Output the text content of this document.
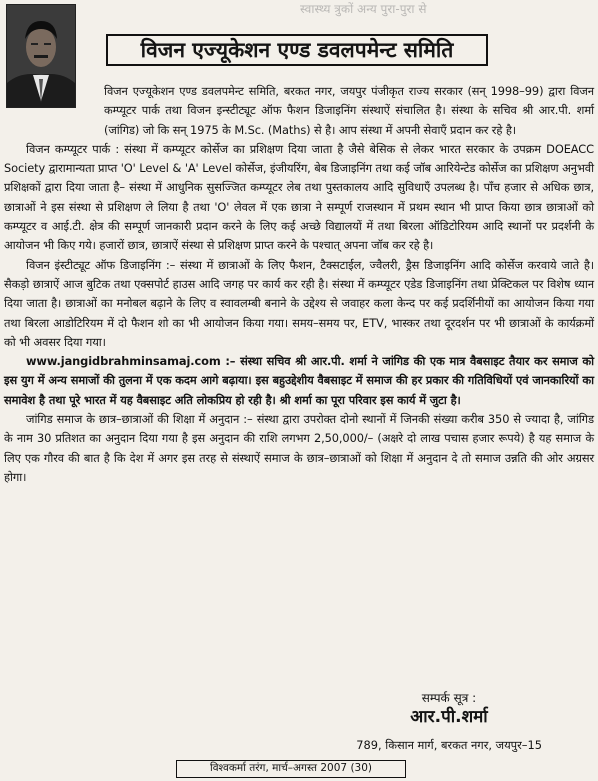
स्वास्थ्य त्रुकों अन्य पुरा-पुरा से
विजन एज्यूकेशन एण्ड डवलपमेन्ट समिति

विजन एज्यूकेशन एण्ड डवलपमेन्ट समिति, बरकत नगर, जयपुर पंजीकृत राज्य सरकार (सन् 1998–99) द्वारा विजन कम्प्यूटर पार्क तथा विजन इन्स्टीट्यूट ऑफ फैशन डिजाइनिंग संस्थाऐं संचालित है। संस्था के सचिव श्री आर.पी. शर्मा (जांगिड) जो कि सन् 1975 के M.Sc. (Maths) से है। आप संस्था में अपनी सेवाएँ प्रदान कर रहे है।

विजन कम्प्यूटर पार्क : संस्था में कम्प्यूटर कोर्सेज का प्रशिक्षण दिया जाता है जैसे बेसिक से लेकर भारत सरकार के उपक्रम DOEACC Society द्वारामान्यता प्राप्त 'O' Level & 'A' Level कोर्सेज, इंजीयरिंग, बेब डिजाइनिंग तथा कई जॉब आरियेन्टेड कोर्सेज का प्रशिक्षण अनुभवी प्रशिक्षकों द्वारा दिया जाता है– संस्था में आधुनिक सुसज्जित कम्प्यूटर लेब तथा पुस्तकालय आदि सुविधाएँ उपलब्ध है। पाँच हजार से अधिक छात्र, छात्राओं ने इस संस्था से प्रशिक्षण ले लिया है तथा 'O' लेवल में एक छात्रा ने सम्पूर्ण राजस्थान में प्रथम स्थान भी प्राप्त किया छात्र छात्राओं को कम्प्यूटर व आई.टी. क्षेत्र की सम्पूर्ण जानकारी प्रदान करने के लिए कई अच्छे विद्यालयों में तथा बिरला ऑडिटोरियम आदि स्थानों पर प्रदर्शनी के आयोजन भी किए गये। हजारों छात्र, छात्राऐं संस्था से प्रशिक्षण प्राप्त करने के पश्चात् अपना जॉब कर रहे है।

विजन इंस्टीट्यूट ऑफ डिजाइनिंग :– संस्था में छात्राओं के लिए फैशन, टैक्सटाईल, ज्वैलरी, ड्रैस डिजाइनिंग आदि कोर्सेज करवाये जाते है। सैकड़ो छात्राऐं आज बुटिक तथा एक्सपोर्ट हाउस आदि जगह पर कार्य कर रही है। संस्था में कम्प्यूटर एडेड डिजाइनिंग तथा प्रेक्टिकल पर विशेष ध्यान दिया जाता है। छात्राओं का मनोबल बढ़ाने के लिए व स्वावलम्बी बनाने के उद्देश्य से जवाहर कला केन्द पर कई प्रदर्शिनीयों का आयोजन किया गया तथा बिरला आडोटिरियम में दो फैशन शो का भी आयोजन किया गया। समय–समय पर, ETV, भास्कर तथा दूरदर्शन पर भी छात्राओं के कार्यक्रमों को भी अवसर दिया गया।

www.jangidbrahminsamaj.com :– संस्था सचिव श्री आर.पी. शर्मा ने जांगिड की एक मात्र वैबसाइट तैयार कर समाज को इस युग में अन्य समाजों की तुलना में एक कदम आगे बढ़ाया। इस बहुउद्देशीय वैबसाइट में समाज की हर प्रकार की गतिविधियों एवं जानकारियों का समावेश है तथा पूरे भारत में यह वैबसाइट अति लोकप्रिय हो रही है। श्री शर्मा का पूरा परिवार इस कार्य में जुटा है।

जांगिड समाज के छात्र–छात्राओं की शिक्षा में अनुदान :– संस्था द्वारा उपरोक्त दोनो स्थानों में जिनकी संख्या करीब 350 से ज्यादा है, जांगिड के नाम 30 प्रतिशत का अनुदान दिया गया है इस अनुदान की राशि लगभग 2,50,000/– (अक्षरे दो लाख पचास हजार रूपये) है यह समाज के लिए एक गौरव की बात है कि देश में अगर इस तरह से संस्थाऐं समाज के छात्र–छात्राओं को शिक्षा में अनुदान दे तो समाज उन्नति की ओर अग्रसर होगा।

सम्पर्क सूत्र :
आर.पी.शर्मा
789, किसान मार्ग, बरकत नगर, जयपुर–15
विश्वकर्मा तरंग, मार्च–अगस्त 2007 (30)
